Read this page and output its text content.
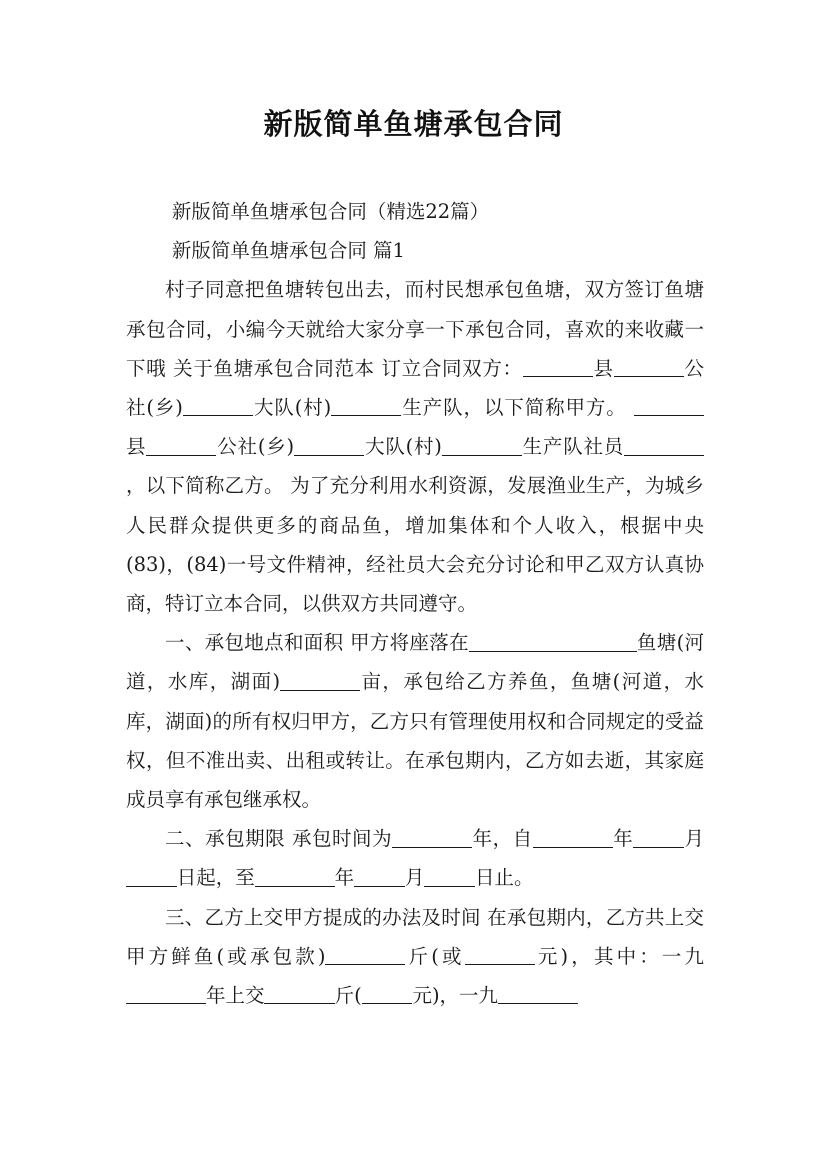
新版简单鱼塘承包合同

新版简单鱼塘承包合同（精选22篇）

新版简单鱼塘承包合同 篇1

村子同意把鱼塘转包出去，而村民想承包鱼塘，双方签订鱼塘承包合同，小编今天就给大家分享一下承包合同，喜欢的来收藏一下哦 关于鱼塘承包合同范本 订立合同双方：	县	公社(乡)	大队(村)	生产队，以下简称甲方。 县	公社(乡)	大队(村)	生产队社员，以下简称乙方。 为了充分利用水利资源，发展渔业生产，为城乡人民群众提供更多的商品鱼，增加集体和个人收入，根据中央(83)，(84)一号文件精神，经社员大会充分讨论和甲乙双方认真协商，特订立本合同，以供双方共同遵守。

一、承包地点和面积 甲方将座落在	鱼塘(河道，水库，湖面)	亩，承包给乙方养鱼，鱼塘(河道，水库，湖面)的所有权归甲方，乙方只有管理使用权和合同规定的受益权，但不准出卖、出租或转让。在承包期内，乙方如去逝，其家庭成员享有承包继承权。

二、承包期限 承包时间为	年，自	年	月日起，至	年	月	日止。

三、乙方上交甲方提成的办法及时间 在承包期内，乙方共上交甲方鲜鱼(或承包款)	斤(或	元)，其中：一九年上交	斤(	元)，一九
